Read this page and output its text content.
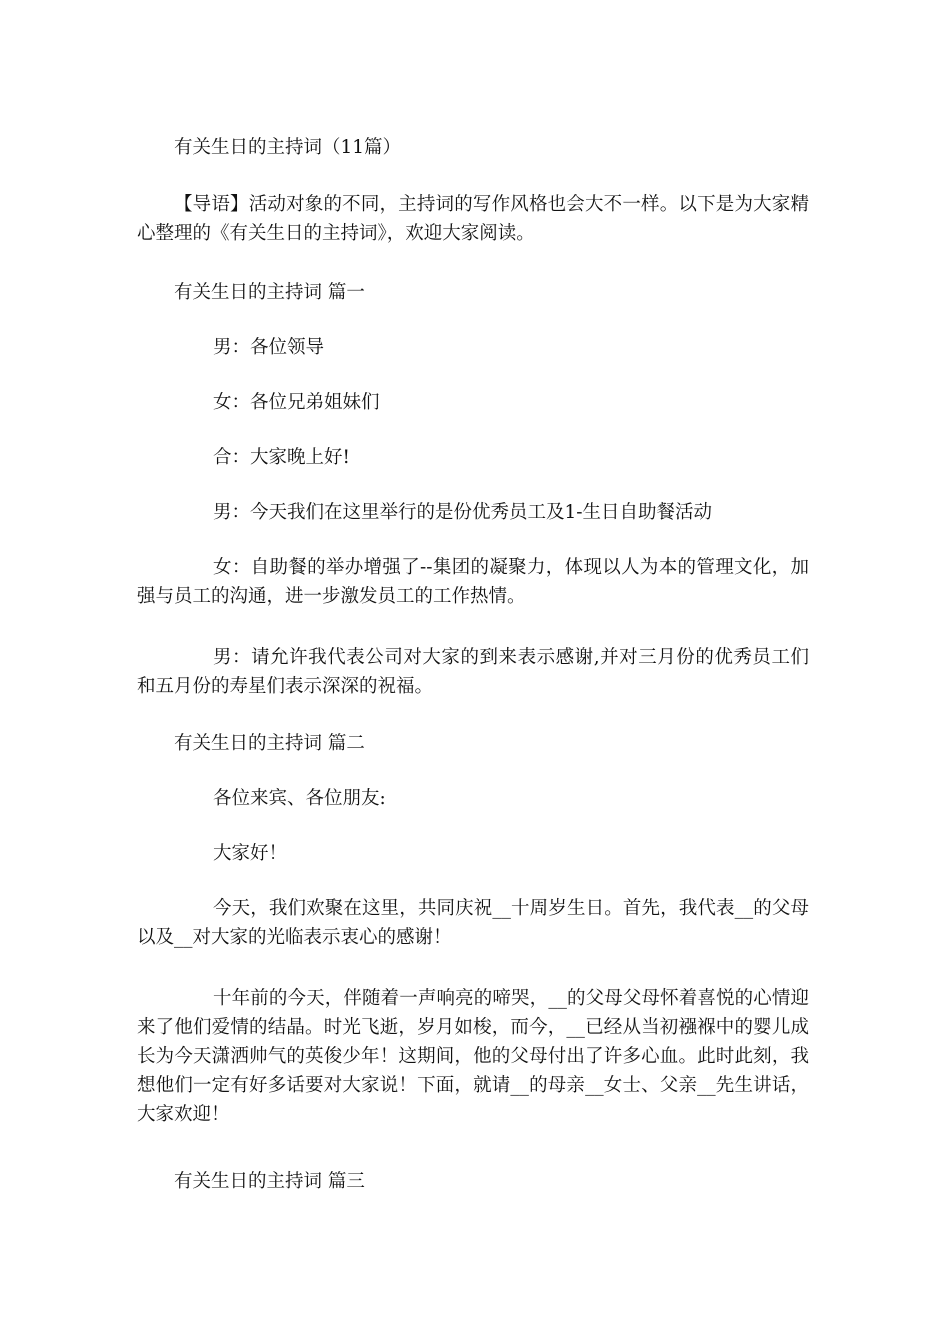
有关生日的主持词（11篇）

【导语】活动对象的不同，主持词的写作风格也会大不一样。以下是为大家精心整理的《有关生日的主持词》，欢迎大家阅读。

有关生日的主持词 篇一

男：各位领导

女：各位兄弟姐妹们

合：大家晚上好!

男：今天我们在这里举行的是份优秀员工及1-生日自助餐活动

女：自助餐的举办增强了--集团的凝聚力，体现以人为本的管理文化，加强与员工的沟通，进一步激发员工的工作热情。

男：请允许我代表公司对大家的到来表示感谢,并对三月份的优秀员工们和五月份的寿星们表示深深的祝福。

有关生日的主持词 篇二

各位来宾、各位朋友:

大家好！

今天，我们欢聚在这里，共同庆祝__十周岁生日。首先，我代表__的父母以及__对大家的光临表示衷心的感谢！

十年前的今天，伴随着一声响亮的啼哭，__的父母父母怀着喜悦的心情迎来了他们爱情的结晶。时光飞逝，岁月如梭，而今，__已经从当初襁褓中的婴儿成长为今天潇洒帅气的英俊少年！这期间，他的父母付出了许多心血。此时此刻，我想他们一定有好多话要对大家说！下面，就请__的母亲__女士、父亲__先生讲话，大家欢迎！

有关生日的主持词 篇三
